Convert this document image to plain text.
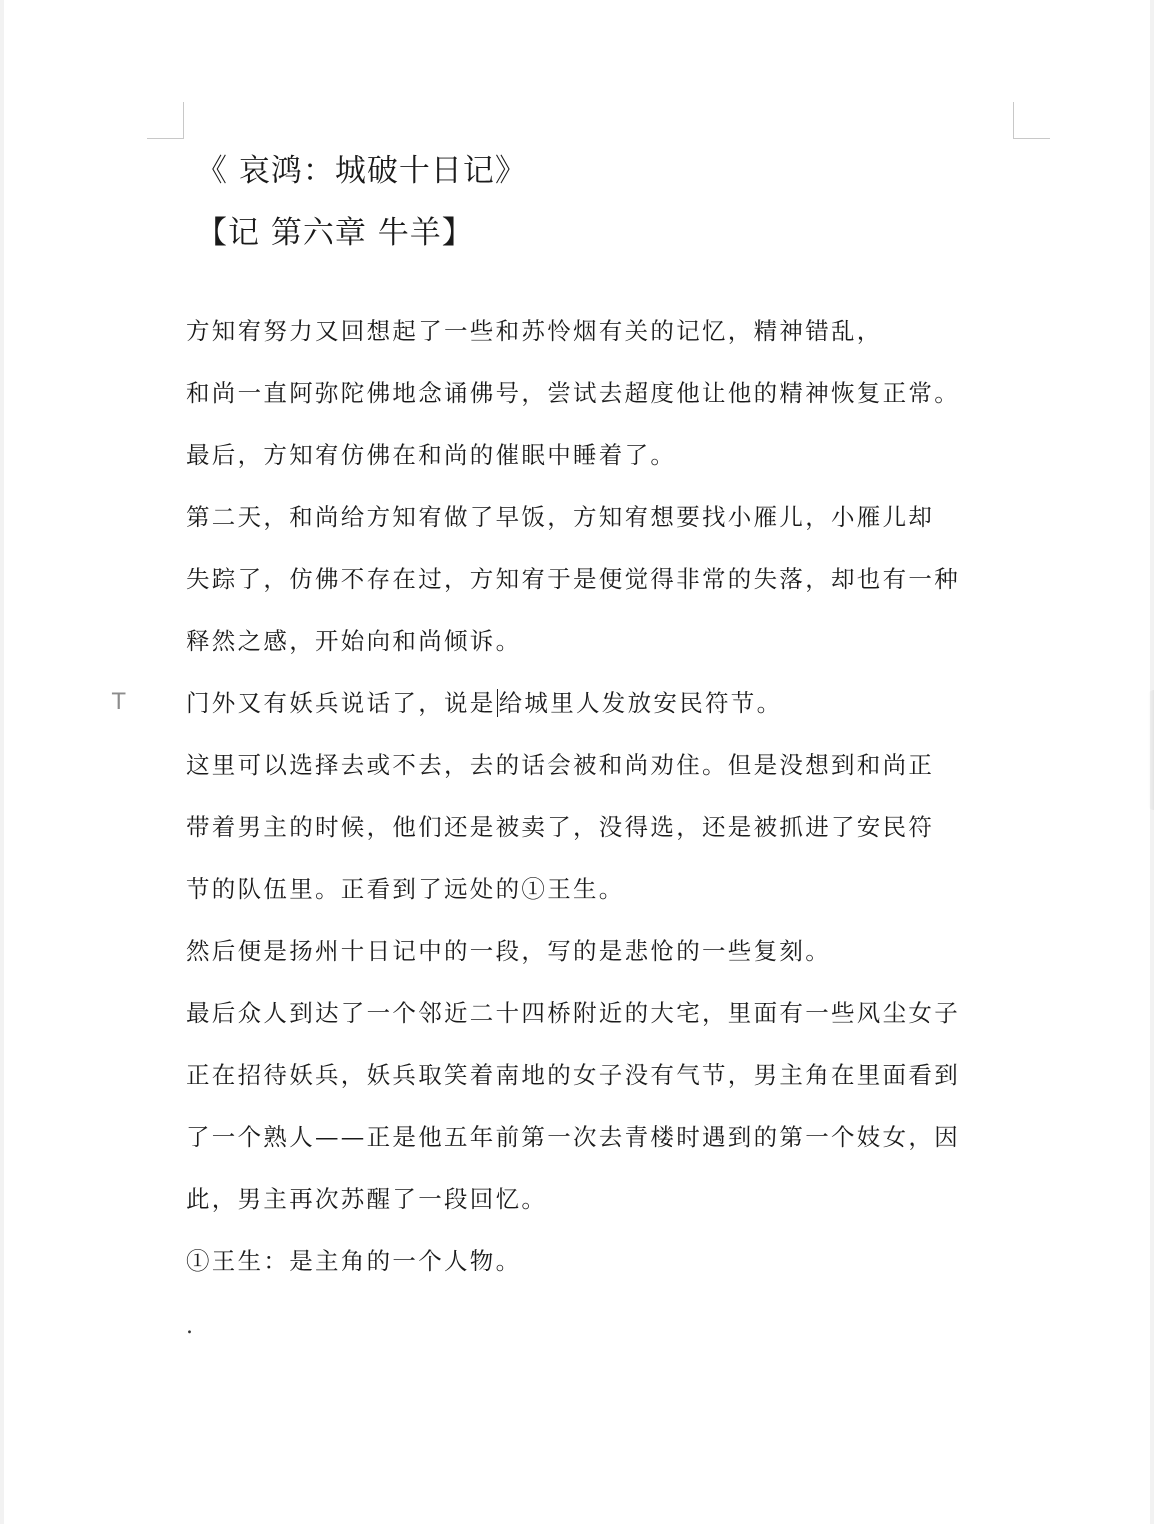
《 哀鸿：城破十日记》
【记 第六章 牛羊】

方知宥努力又回想起了一些和苏怜烟有关的记忆，精神错乱，

和尚一直阿弥陀佛地念诵佛号，尝试去超度他让他的精神恢复正常。

最后，方知宥仿佛在和尚的催眠中睡着了。

第二天，和尚给方知宥做了早饭，方知宥想要找小雁儿，小雁儿却

失踪了，仿佛不存在过，方知宥于是便觉得非常的失落，却也有一种

释然之感，开始向和尚倾诉。

门外又有妖兵说话了，说是 给城里人发放安民符节。

这里可以选择去或不去，去的话会被和尚劝住。但是没想到和尚正

带着男主的时候，他们还是被卖了，没得选，还是被抓进了安民符

节的队伍里。正看到了远处的①王生。

然后便是扬州十日记中的一段，写的是悲怆的一些复刻。

最后众人到达了一个邻近二十四桥附近的大宅，里面有一些风尘女子

正在招待妖兵，妖兵取笑着南地的女子没有气节，男主角在里面看到

了一个熟人——正是他五年前第一次去青楼时遇到的第一个妓女，因

此，男主再次苏醒了一段回忆。

①王生：是主角的一个人物。

T
.
